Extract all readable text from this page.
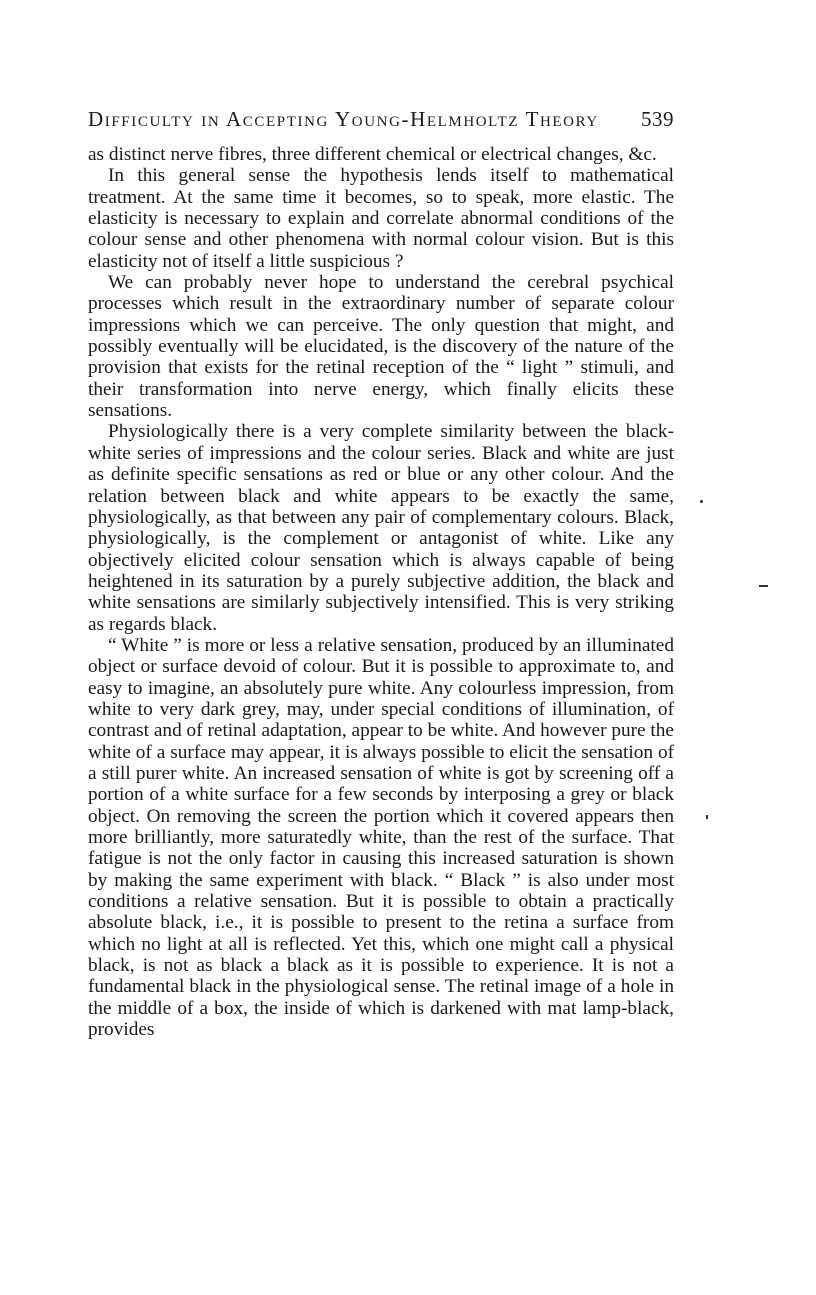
Difficulty in Accepting Young-Helmholtz Theory 539

as distinct nerve fibres, three different chemical or electrical changes, &c.

In this general sense the hypothesis lends itself to mathematical treatment. At the same time it becomes, so to speak, more elastic. The elasticity is necessary to explain and correlate abnormal conditions of the colour sense and other phenomena with normal colour vision. But is this elasticity not of itself a little suspicious ?

We can probably never hope to understand the cerebral psychical processes which result in the extraordinary number of separate colour impressions which we can perceive. The only question that might, and possibly eventually will be elucidated, is the discovery of the nature of the provision that exists for the retinal reception of the “ light ” stimuli, and their transformation into nerve energy, which finally elicits these sensations.

Physiologically there is a very complete similarity between the black-white series of impressions and the colour series. Black and white are just as definite specific sensations as red or blue or any other colour. And the relation between black and white appears to be exactly the same, physiologically, as that between any pair of complementary colours. Black, physiologically, is the complement or antagonist of white. Like any objectively elicited colour sensation which is always capable of being heightened in its saturation by a purely subjective addition, the black and white sensations are similarly subjectively intensified. This is very striking as regards black.

“ White ” is more or less a relative sensation, produced by an illuminated object or surface devoid of colour. But it is possible to approximate to, and easy to imagine, an absolutely pure white. Any colourless impression, from white to very dark grey, may, under special conditions of illumination, of contrast and of retinal adaptation, appear to be white. And however pure the white of a surface may appear, it is always possible to elicit the sensation of a still purer white. An increased sensation of white is got by screening off a portion of a white surface for a few seconds by interposing a grey or black object. On removing the screen the portion which it covered appears then more brilliantly, more saturatedly white, than the rest of the surface. That fatigue is not the only factor in causing this increased saturation is shown by making the same experiment with black. “ Black ” is also under most conditions a relative sensation. But it is possible to obtain a practically absolute black, i.e., it is possible to present to the retina a surface from which no light at all is reflected. Yet this, which one might call a physical black, is not as black a black as it is possible to experience. It is not a fundamental black in the physiological sense. The retinal image of a hole in the middle of a box, the inside of which is darkened with mat lamp-black, provides
